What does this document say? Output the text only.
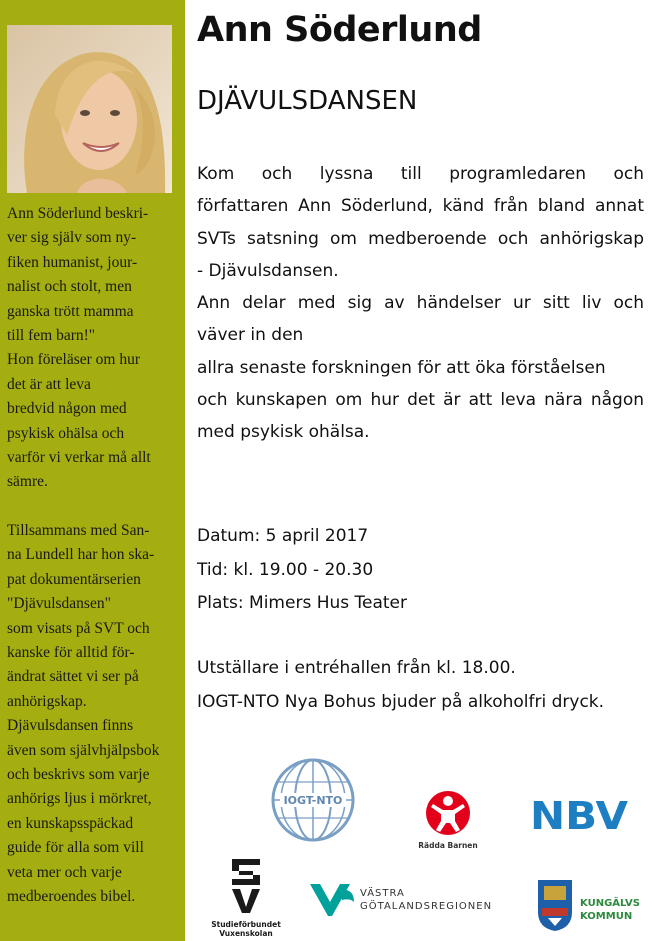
Ann Söderlund beskri-
ver sig själv som ny-
fiken humanist, jour-
nalist och stolt, men
ganska trött mamma
till fem barn!"
Hon föreläser om hur
det är att leva
bredvid någon med
psykisk ohälsa och
varför vi verkar må allt
sämre.

Tillsammans med San-
na Lundell har hon ska-
pat dokumentärserien
"Djävulsdansen"
som visats på SVT och
kanske för alltid för-
ändrat sättet vi ser på
anhörigskap.
Djävulsdansen finns
även som självhjälpsbok
och beskrivs som varje
anhörigs ljus i mörkret,
en kunskapsspäckad
guide för alla som vill
veta mer och varje
medberoendes bibel.

Ann Söderlund
DJÄVULSDANSEN
Kom och lyssna till programledaren och
författaren Ann Söderlund, känd från bland annat
SVTs satsning om medberoende och anhörigskap
- Djävulsdansen.
Ann delar med sig av händelser ur sitt liv och
väver in den
allra senaste forskningen för att öka förståelsen
och kunskapen om hur det är att leva nära någon
med psykisk ohälsa.
Datum: 5 april 2017
Tid: kl. 19.00 - 20.30
Plats: Mimers Hus Teater
Utställare i entréhallen från kl. 18.00.
IOGT-NTO Nya Bohus bjuder på alkoholfri dryck.
IOGT-NTO
Rädda Barnen
NBV
Studieförbundet
Vuxenskolan
VÄSTRA
GÖTALANDSREGIONEN	KUNGÄLVS
KOMMUN
